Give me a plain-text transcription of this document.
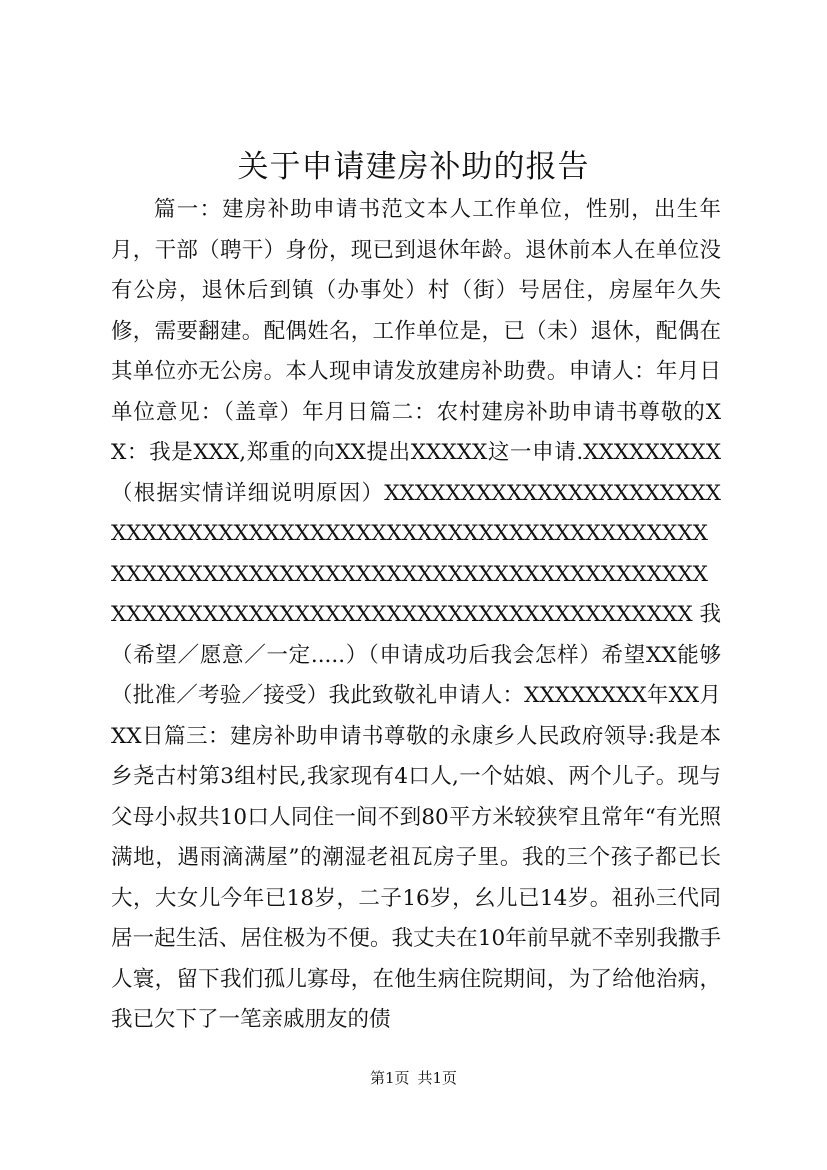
关于申请建房补助的报告

篇一：建房补助申请书范文本人工作单位，性别，出生年月，干部（聘干）身份，现已到退休年龄。退休前本人在单位没有公房，退休后到镇（办事处）村（街）号居住，房屋年久失修，需要翻建。配偶姓名，工作单位是，已（未）退休，配偶在其单位亦无公房。本人现申请发放建房补助费。申请人：年月日单位意见：（盖章）年月日篇二：农村建房补助申请书尊敬的XX：我是XXX,郑重的向XX提出XXXXX这一申请.XXXXXXXXX（根据实情详细说明原因）XXXXXXXXXXXXXXXXXXXXXXXXXXXXXXXXXXXXXXXXXXXXXXXXXXXXXXXXXXXXXXXXXXXXXXXXXXXXXXXXXXXXXXXXXXXXXXXXXXXXXXXXXXXXXXXXXXXXXXXXXXXXXXXXXXXXXXXXXX我（希望／愿意／一定.....）（申请成功后我会怎样）希望XX能够（批准／考验／接受）我此致敬礼申请人：XXXXXXXX年XX月XX日篇三：建房补助申请书尊敬的永康乡人民政府领导:我是本乡尧古村第3组村民,我家现有4口人,一个姑娘、两个儿子。现与父母小叔共10口人同住一间不到80平方米较狭窄且常年“有光照满地，遇雨滴满屋”的潮湿老祖瓦房子里。我的三个孩子都已长大，大女儿今年已18岁，二子16岁，幺儿已14岁。祖孙三代同居一起生活、居住极为不便。我丈夫在10年前早就不幸别我撒手人寰，留下我们孤儿寡母，在他生病住院期间，为了给他治病，我已欠下了一笔亲戚朋友的债

第1页 共1页
